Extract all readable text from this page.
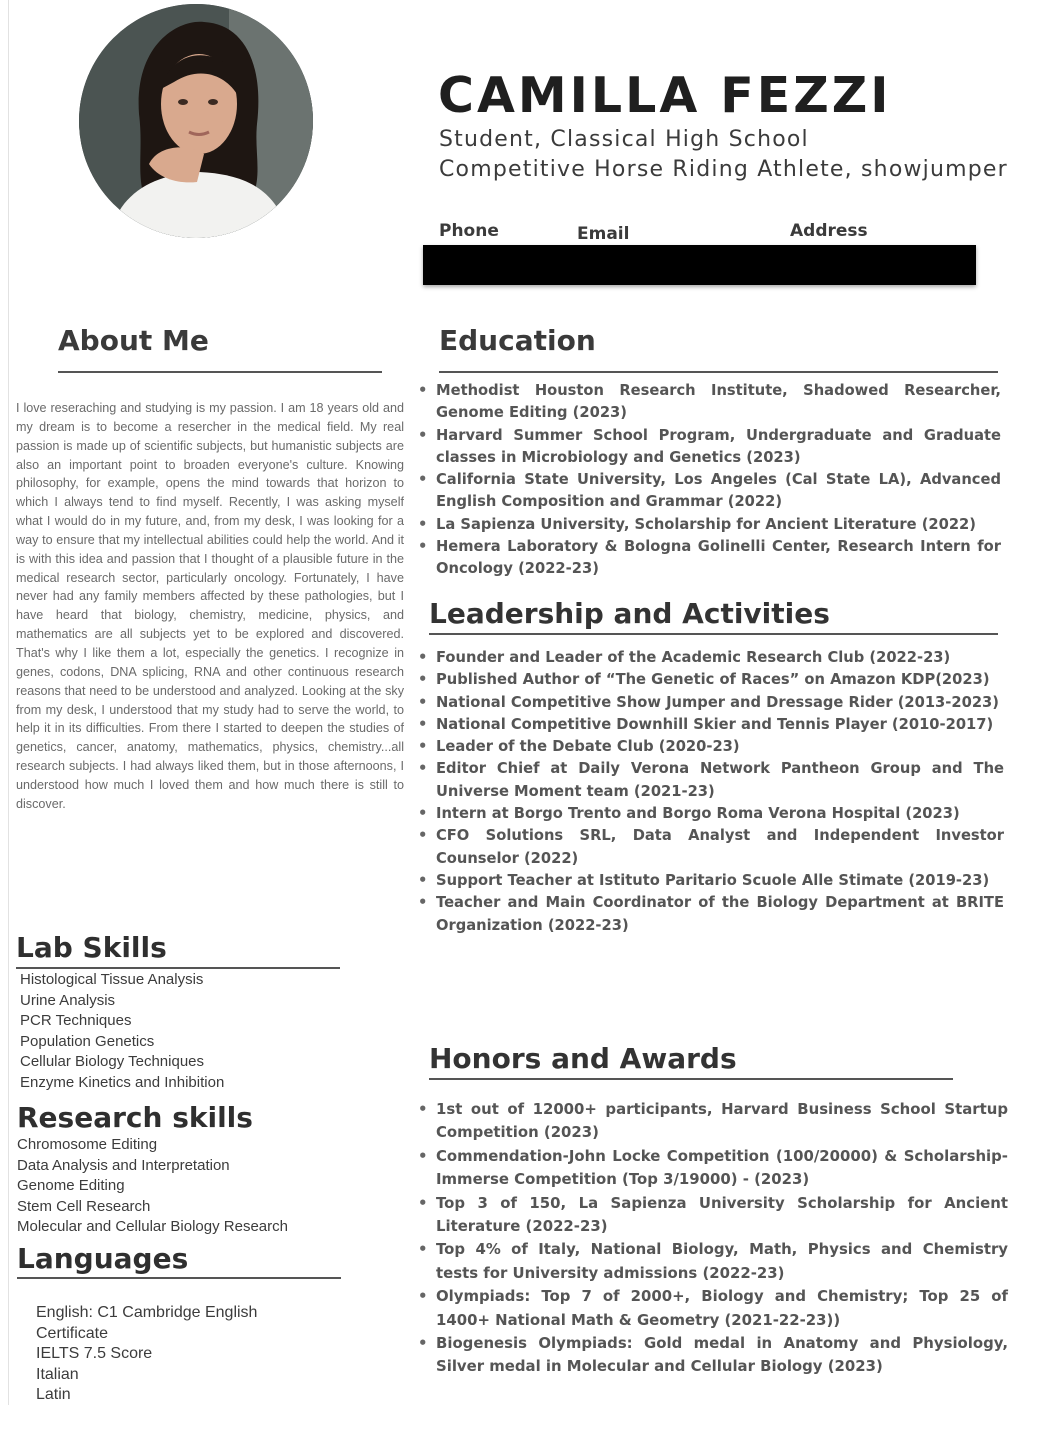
CAMILLA FEZZI
Student, Classical High School
Competitive Horse Riding Athlete, showjumper
Phone	Email	Address
About Me

I love reseraching and studying is my passion. I am 18 years old and my dream is to become a resercher in the medical field. My real passion is made up of scientific subjects, but humanistic subjects are also an important point to broaden everyone's culture. Knowing philosophy, for example, opens the mind towards that horizon to which I always tend to find myself. Recently, I was asking myself what I would do in my future, and, from my desk, I was looking for a way to ensure that my intellectual abilities could help the world. And it is with this idea and passion that I thought of a plausible future in the medical research sector, particularly oncology. Fortunately, I have never had any family members affected by these pathologies, but I have heard that biology, chemistry, medicine, physics, and mathematics are all subjects yet to be explored and discovered. That's why I like them a lot, especially the genetics. I recognize in genes, codons, DNA splicing, RNA and other continuous research reasons that need to be understood and analyzed. Looking at the sky from my desk, I understood that my study had to serve the world, to help it in its difficulties. From there I started to deepen the studies of genetics, cancer, anatomy, mathematics, physics, chemistry...all research subjects. I had always liked them, but in those afternoons, I understood how much I loved them and how much there is still to discover.

Lab Skills
Histological Tissue Analysis
Urine Analysis
PCR Techniques
Population Genetics
Cellular Biology Techniques
Enzyme Kinetics and Inhibition
Research skills
Chromosome Editing
Data Analysis and Interpretation
Genome Editing
Stem Cell Research
Molecular and Cellular Biology Research
Languages
English: C1 Cambridge English
Certificate
IELTS 7.5 Score
Italian
Latin
Education
• Methodist Houston Research Institute, Shadowed Researcher, Genome Editing (2023)
• Harvard Summer School Program, Undergraduate and Graduate classes in Microbiology and Genetics (2023)
• California State University, Los Angeles (Cal State LA), Advanced English Composition and Grammar (2022)
• La Sapienza University, Scholarship for Ancient Literature (2022)
• Hemera Laboratory & Bologna Golinelli Center, Research Intern for Oncology (2022-23)
Leadership and Activities
• Founder and Leader of the Academic Research Club (2022-23)
• Published Author of “The Genetic of Races” on Amazon KDP(2023)
• National Competitive Show Jumper and Dressage Rider (2013-2023)
• National Competitive Downhill Skier and Tennis Player (2010-2017)
• Leader of the Debate Club (2020-23)
• Editor Chief at Daily Verona Network Pantheon Group and The Universe Moment team (2021-23)
• Intern at Borgo Trento and Borgo Roma Verona Hospital (2023)
• CFO Solutions SRL, Data Analyst and Independent Investor Counselor (2022)
• Support Teacher at Istituto Paritario Scuole Alle Stimate (2019-23)
• Teacher and Main Coordinator of the Biology Department at BRITE Organization (2022-23)
Honors and Awards
• 1st out of 12000+ participants, Harvard Business School Startup Competition (2023)
• Commendation-John Locke Competition (100/20000) & Scholarship- Immerse Competition (Top 3/19000) - (2023)
• Top 3 of 150, La Sapienza University Scholarship for Ancient Literature (2022-23)
• Top 4% of Italy, National Biology, Math, Physics and Chemistry tests for University admissions (2022-23)
• Olympiads: Top 7 of 2000+, Biology and Chemistry; Top 25 of 1400+ National Math & Geometry (2021-22-23))
• Biogenesis Olympiads: Gold medal in Anatomy and Physiology, Silver medal in Molecular and Cellular Biology (2023)
